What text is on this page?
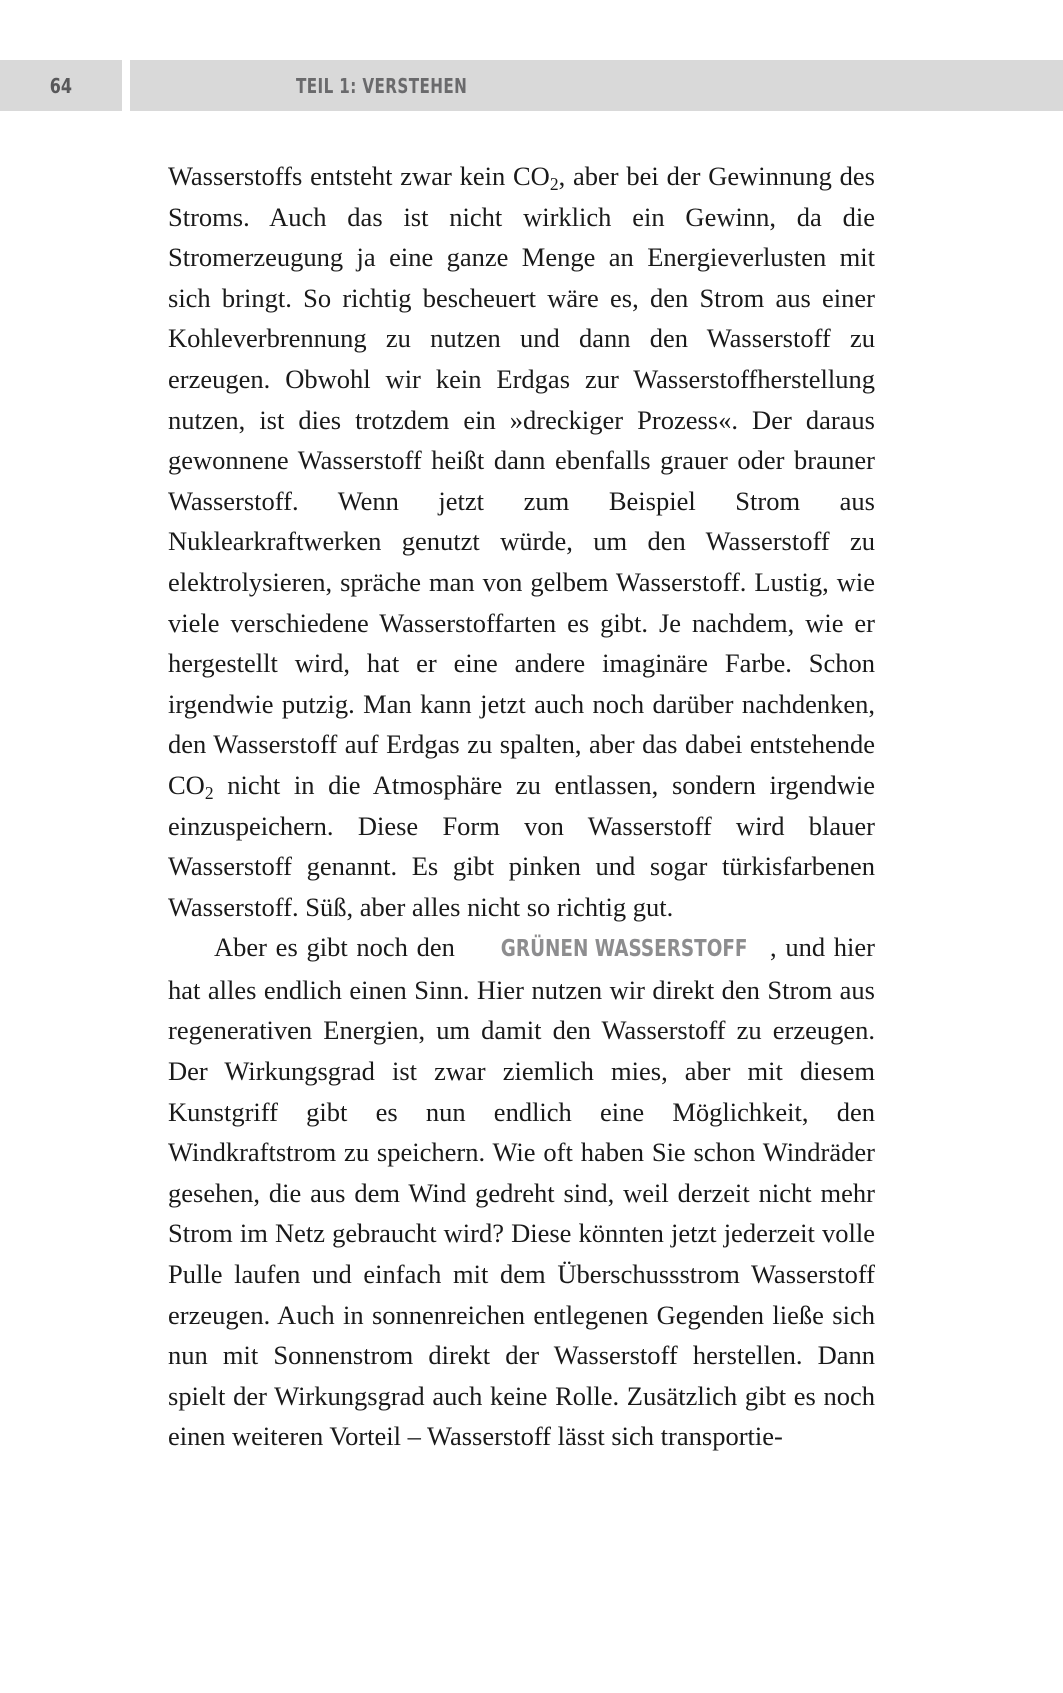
64	TEIL 1: VERSTEHEN

Wasserstoffs entsteht zwar kein $CO_2$, aber bei der Gewinnung des Stroms. Auch das ist nicht wirklich ein Gewinn, da die Stromerzeugung ja eine ganze Menge an Energieverlusten mit sich bringt. So richtig bescheuert wäre es, den Strom aus einer Kohleverbrennung zu nutzen und dann den Wasserstoff zu erzeugen. Obwohl wir kein Erdgas zur Wasserstoffherstellung nutzen, ist dies trotzdem ein »dreckiger Prozess«. Der daraus gewonnene Wasserstoff heißt dann ebenfalls grauer oder brauner Wasserstoff. Wenn jetzt zum Beispiel Strom aus Nuklearkraftwerken genutzt würde, um den Wasserstoff zu elektrolysieren, spräche man von gelbem Wasserstoff. Lustig, wie viele verschiedene Wasserstoffarten es gibt. Je nachdem, wie er hergestellt wird, hat er eine andere imaginäre Farbe. Schon irgendwie putzig. Man kann jetzt auch noch darüber nachdenken, den Wasserstoff auf Erdgas zu spalten, aber das dabei entstehende $CO_2$ nicht in die Atmosphäre zu entlassen, sondern irgendwie einzuspeichern. Diese Form von Wasserstoff wird blauer Wasserstoff genannt. Es gibt pinken und sogar türkisfarbenen Wasserstoff. Süß, aber alles nicht so richtig gut.

Aber es gibt noch den GRÜNEN WASSERSTOFF , und hier hat alles endlich einen Sinn. Hier nutzen wir direkt den Strom aus regenerativen Energien, um damit den Wasserstoff zu erzeugen. Der Wirkungsgrad ist zwar ziemlich mies, aber mit diesem Kunstgriff gibt es nun endlich eine Möglichkeit, den Windkraftstrom zu speichern. Wie oft haben Sie schon Windräder gesehen, die aus dem Wind gedreht sind, weil derzeit nicht mehr Strom im Netz gebraucht wird? Diese könnten jetzt jederzeit volle Pulle laufen und einfach mit dem Überschussstrom Wasserstoff erzeugen. Auch in sonnenreichen entlegenen Gegenden ließe sich nun mit Sonnenstrom direkt der Wasserstoff herstellen. Dann spielt der Wirkungsgrad auch keine Rolle. Zusätzlich gibt es noch einen weiteren Vorteil – Wasserstoff lässt sich transportie-
